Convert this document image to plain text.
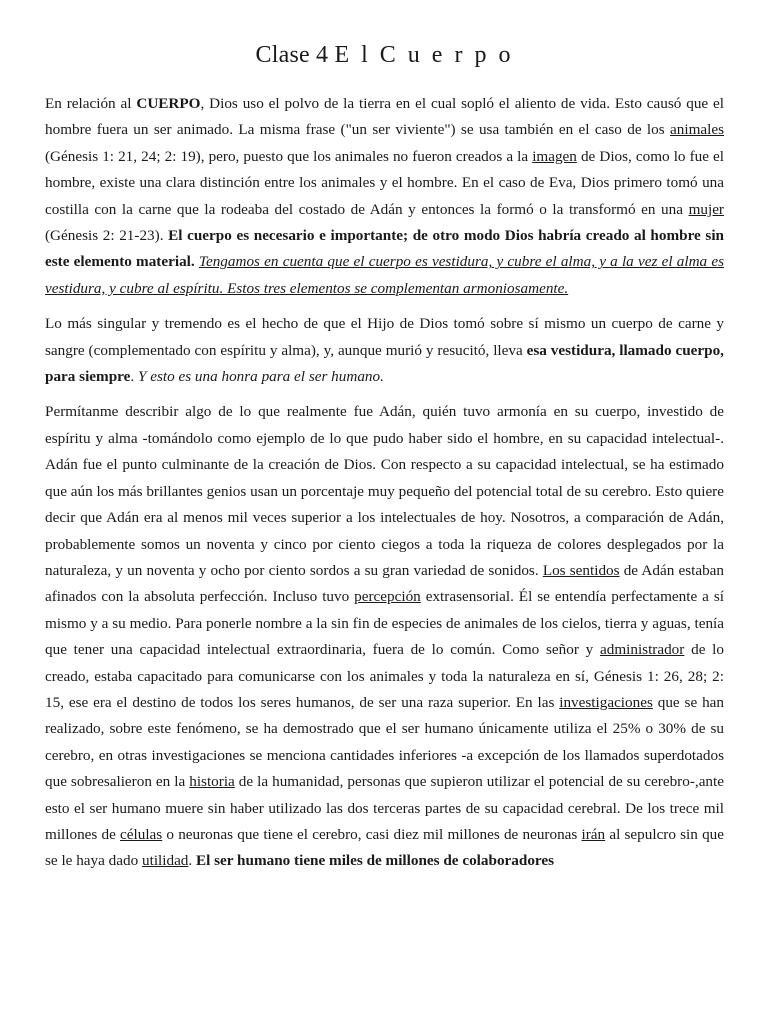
Clase 4 E l C u e r p o

En relación al CUERPO, Dios uso el polvo de la tierra en el cual sopló el aliento de vida. Esto causó que el hombre fuera un ser animado. La misma frase ("un ser viviente") se usa también en el caso de los animales (Génesis 1: 21, 24; 2: 19), pero, puesto que los animales no fueron creados a la imagen de Dios, como lo fue el hombre, existe una clara distinción entre los animales y el hombre. En el caso de Eva, Dios primero tomó una costilla con la carne que la rodeaba del costado de Adán y entonces la formó o la transformó en una mujer (Génesis 2: 21-23). El cuerpo es necesario e importante; de otro modo Dios habría creado al hombre sin este elemento material. Tengamos en cuenta que el cuerpo es vestidura, y cubre el alma, y a la vez el alma es vestidura, y cubre al espíritu. Estos tres elementos se complementan armoniosamente.

Lo más singular y tremendo es el hecho de que el Hijo de Dios tomó sobre sí mismo un cuerpo de carne y sangre (complementado con espíritu y alma), y, aunque murió y resucitó, lleva esa vestidura, llamado cuerpo, para siempre. Y esto es una honra para el ser humano.

Permítanme describir algo de lo que realmente fue Adán, quién tuvo armonía en su cuerpo, investido de espíritu y alma -tomándolo como ejemplo de lo que pudo haber sido el hombre, en su capacidad intelectual-. Adán fue el punto culminante de la creación de Dios. Con respecto a su capacidad intelectual, se ha estimado que aún los más brillantes genios usan un porcentaje muy pequeño del potencial total de su cerebro. Esto quiere decir que Adán era al menos mil veces superior a los intelectuales de hoy. Nosotros, a comparación de Adán, probablemente somos un noventa y cinco por ciento ciegos a toda la riqueza de colores desplegados por la naturaleza, y un noventa y ocho por ciento sordos a su gran variedad de sonidos. Los sentidos de Adán estaban afinados con la absoluta perfección. Incluso tuvo percepción extrasensorial. Él se entendía perfectamente a sí mismo y a su medio. Para ponerle nombre a la sin fin de especies de animales de los cielos, tierra y aguas, tenía que tener una capacidad intelectual extraordinaria, fuera de lo común. Como señor y administrador de lo creado, estaba capacitado para comunicarse con los animales y toda la naturaleza en sí, Génesis 1: 26, 28; 2: 15, ese era el destino de todos los seres humanos, de ser una raza superior. En las investigaciones que se han realizado, sobre este fenómeno, se ha demostrado que el ser humano únicamente utiliza el 25% o 30% de su cerebro, en otras investigaciones se menciona cantidades inferiores -a excepción de los llamados superdotados que sobresalieron en la historia de la humanidad, personas que supieron utilizar el potencial de su cerebro-,ante esto el ser humano muere sin haber utilizado las dos terceras partes de su capacidad cerebral. De los trece mil millones de células o neuronas que tiene el cerebro, casi diez mil millones de neuronas irán al sepulcro sin que se le haya dado utilidad. El ser humano tiene miles de millones de colaboradores
